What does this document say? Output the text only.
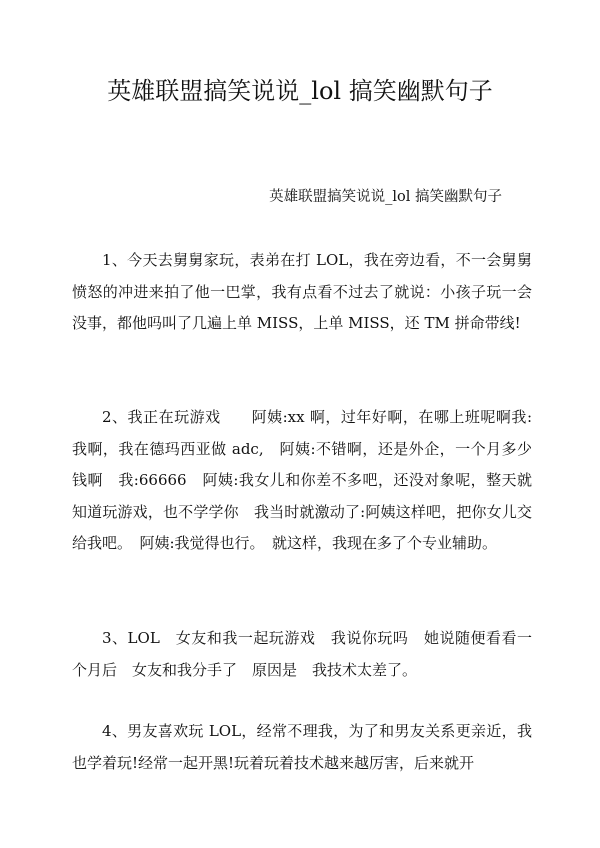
英雄联盟搞笑说说_lol 搞笑幽默句子

英雄联盟搞笑说说_lol 搞笑幽默句子

1、今天去舅舅家玩，表弟在打 LOL，我在旁边看，不一会舅舅愤怒的冲进来拍了他一巴掌，我有点看不过去了就说：小孩子玩一会没事，都他吗叫了几遍上单 MISS，上单 MISS，还 TM 拼命带线!

2、我正在玩游戏　　阿姨:xx 啊，过年好啊，在哪上班呢啊我:我啊，我在德玛西亚做 adc,　阿姨:不错啊，还是外企，一个月多少钱啊　我:66666　阿姨:我女儿和你差不多吧，还没对象呢，整天就知道玩游戏，也不学学你　我当时就激动了:阿姨这样吧，把你女儿交给我吧。　阿姨:我觉得也行。　就这样，我现在多了个专业辅助。

3、LOL　女友和我一起玩游戏　我说你玩吗　她说随便看看一个月后　女友和我分手了　原因是　我技术太差了。

4、男友喜欢玩 LOL，经常不理我，为了和男友关系更亲近，我也学着玩!经常一起开黑!玩着玩着技术越来越厉害，后来就开
